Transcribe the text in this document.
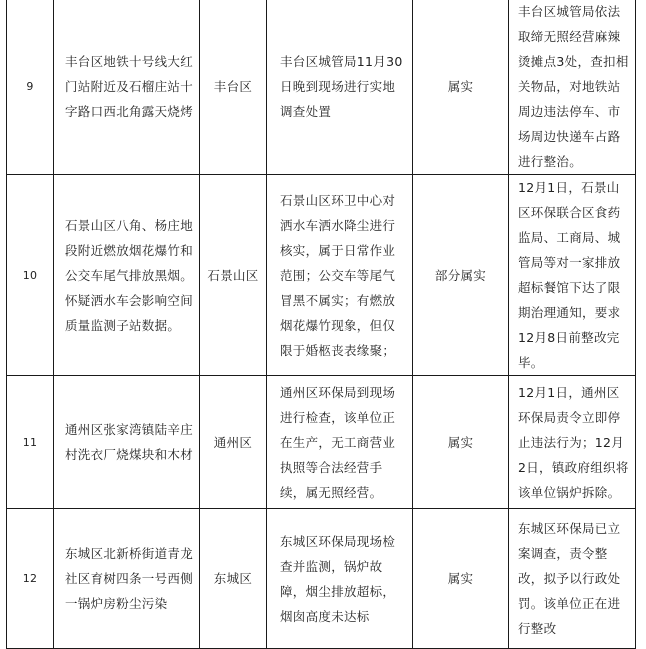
9	丰台区地铁十号线大红门站附近及石榴庄站十字路口西北角露天烧烤	丰台区	丰台区城管局11月30日晚到现场进行实地调查处置	属实	丰台区城管局依法取缔无照经营麻辣烫摊点3处，查扣相关物品，对地铁站周边违法停车、市场周边快递车占路进行整治。

10	石景山区八角、杨庄地段附近燃放烟花爆竹和公交车尾气排放黑烟。怀疑洒水车会影响空间质量监测子站数据。	石景山区	石景山区环卫中心对洒水车洒水降尘进行核实，属于日常作业范围；公交车等尾气冒黑不属实；有燃放烟花爆竹现象，但仅限于婚柩丧表缘聚；	部分属实	12月1日，石景山区环保联合区食药监局、工商局、城管局等对一家排放超标餐馆下达了限期治理通知，要求12月8日前整改完毕。

11	通州区张家湾镇陆辛庄村洗衣厂烧煤块和木材	通州区	通州区环保局到现场进行检查，该单位正在生产，无工商营业执照等合法经营手续，属无照经营。	属实	12月1日，通州区环保局责令立即停止违法行为；12月2日，镇政府组织将该单位锅炉拆除。

12	东城区北新桥街道青龙社区育树四条一号西侧一锅炉房粉尘污染	东城区	东城区环保局现场检查并监测，锅炉故障，烟尘排放超标，烟囱高度未达标	属实	东城区环保局已立案调查，责令整改，拟予以行政处罚。该单位正在进行整改
